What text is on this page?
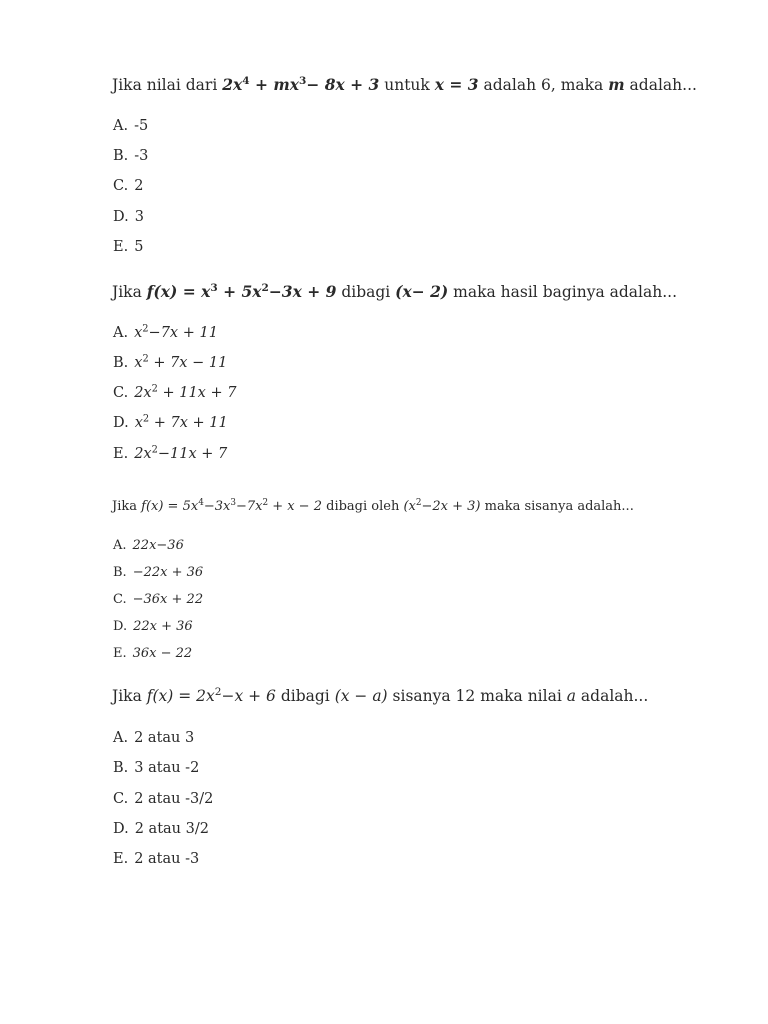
Jika nilai dari $2x^4 + mx^3- 8x + 3$ untuk x = 3 adalah 6, maka m adalah...
A. -5
B. -3
C. 2
D. 3
E. 5
Jika $f(x) = x^3 + 5x^2-3x + 9$ dibagi (x− 2) maka hasil baginya adalah...
A. $x^2-7x + 11$
B. $x^2 + 7x - 11$
C. $2x^2 + 11x + 7$
D. $x^2 + 7x + 11$
E. $2x^2-11x + 7$
Jika $f(x) = 5x^4-3x^3-7x^2 + x - 2$ dibagi oleh $(x^2-2x + 3)$ maka sisanya adalah...
A. 22x−36
B. −22x + 36
C. −36x + 22
D. 22x + 36
E. 36x − 22
Jika $f(x) = 2x^2-x + 6$ dibagi (x − a) sisanya 12 maka nilai a adalah...
A. 2 atau 3
B. 3 atau -2
C. 2 atau -3/2
D. 2 atau 3/2
E. 2 atau -3
